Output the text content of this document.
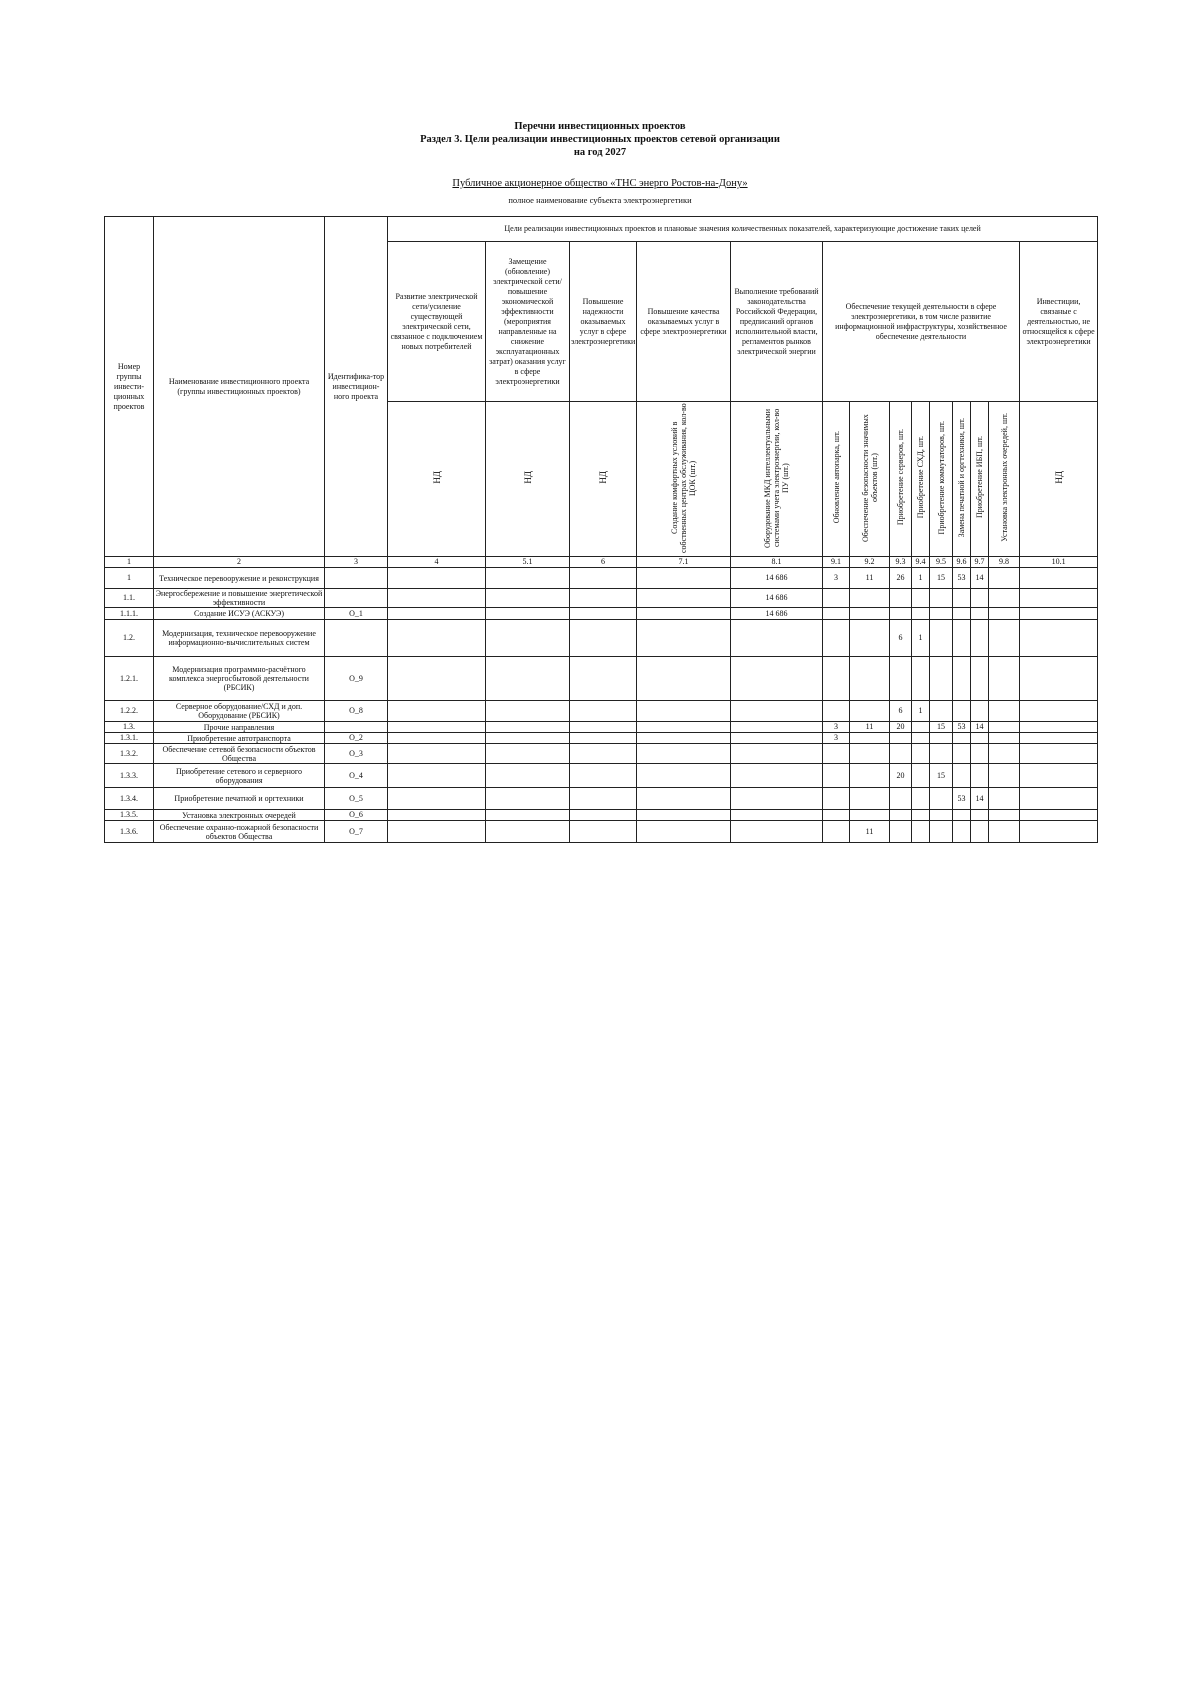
Перечни инвестиционных проектов
Раздел 3. Цели реализации инвестиционных проектов сетевой организации
на год 2027
Публичное акционерное общество «ТНС энерго Ростов-на-Дону»
полное наименование субъекта электроэнергетики
Номер группы инвести-ционных проектов	Наименование инвестиционного проекта (группы инвестиционных проектов)	Идентифика-тор инвестицион-ного проекта	Цели реализации инвестиционных проектов и плановые значения количественных показателей, характеризующие достижение таких целей													
			Развитие электрической сети/усиление существующей электрической сети, связанное с подключением новых потребителей	Замещение (обновление) электрической сети/повышение экономической эффективности (мероприятия направленные на снижение эксплуатационных затрат) оказания услуг в сфере электроэнергетики	Повышение надежности оказываемых услуг в сфере электроэнергетики	Повышение качества оказываемых услуг в сфере электроэнергетики	Выполнение требований законодательства Российской Федерации, предписаний органов исполнительной власти, регламентов рынков электрической энергии	Обеспечение текущей деятельности в сфере электроэнергетики, в том числе развитие информационной инфраструктуры, хозяйственное обеспечение деятельности								Инвестиции, связаные с деятельностью, не относящейся к сфере электроэнергетики
			НД	НД	НД	Создание комфортных условий в собственных центрах обслуживания, кол-во ЦОК (шт.)	Оборудование МКД интеллектуальными системами учета электроэнергии, кол-во ПУ (шт.)	Обновление автопарка, шт.	Обеспечение безопасности значимых объектов (шт.)	Приобретение серверов, шт.	Приобретение СХД, шт.	Приобретение коммутаторов, шт.	Замена печатной и оргтехники, шт.	Приобретение ИБП, шт.	Установка электронных очередей, шт.	НД
1	2	3	4	5.1	6	7.1	8.1	9.1	9.2	9.3	9.4	9.5	9.6	9.7	9.8	10.1
1	Техническое перевооружение и реконструкция						14 686	3	11	26	1	15	53	14		
1.1.	Энергосбережение и повышение энергетической эффективности						14 686									
1.1.1.	Создание ИСУЭ (АСКУЭ)	О_1					14 686									
1.2.	Модернизация, техническое перевооружение информационно-вычислительных систем									6	1					
1.2.1.	Модернизация программно-расчётного комплекса энергосбытовой деятельности (РБСИК)	О_9														
1.2.2.	Серверное оборудование/СХД и доп. Оборудование (РБСИК)	О_8								6	1					
1.3.	Прочие направления							3	11	20		15	53	14		
1.3.1.	Приобретение автотранспорта	О_2						3								
1.3.2.	Обеспечение сетевой безопасности объектов Общества	О_3														
1.3.3.	Приобретение сетевого и серверного оборудования	О_4								20		15				
1.3.4.	Приобретение печатной и оргтехники	О_5											53	14		
1.3.5.	Установка электронных очередей	О_6														
1.3.6.	Обеспечение охранно-пожарной безопасности объектов Общества	О_7							11							
